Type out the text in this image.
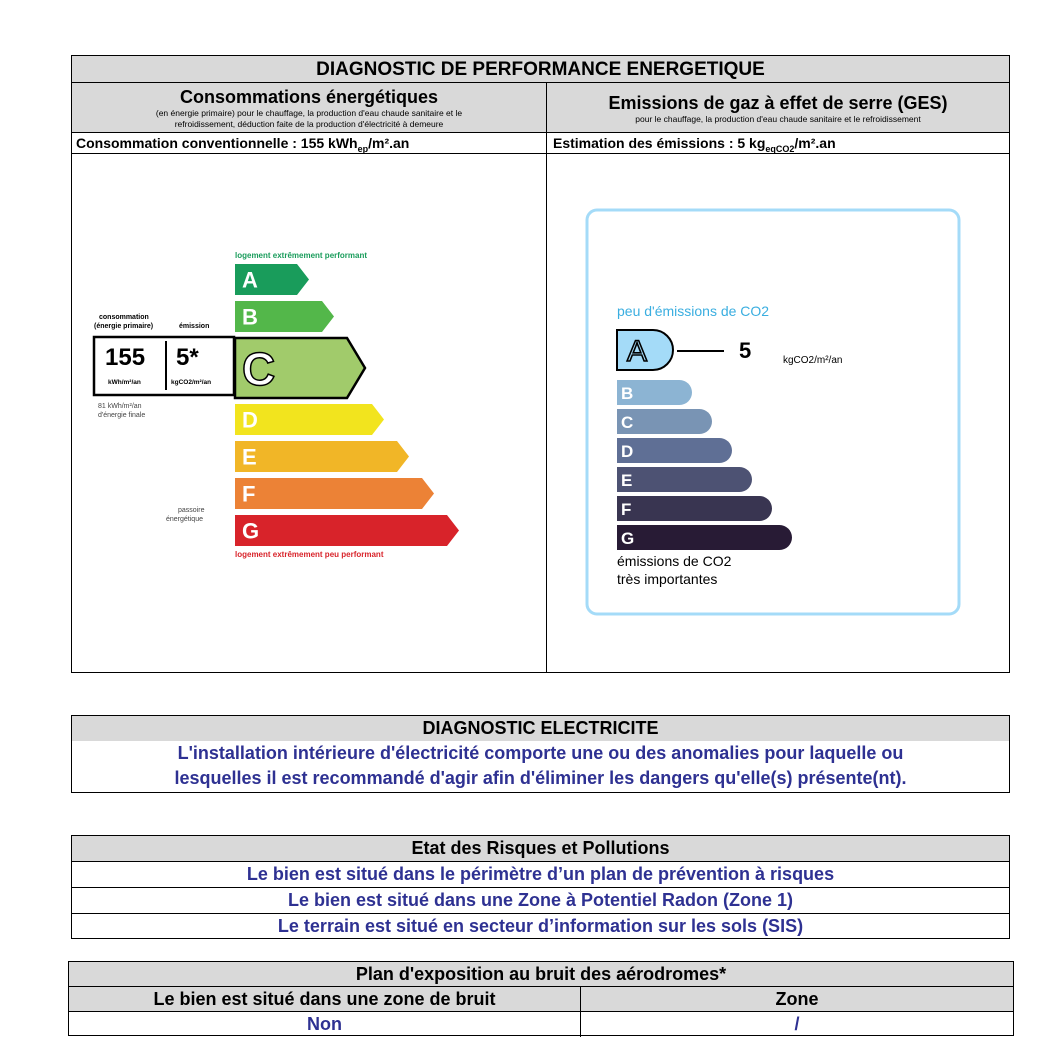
DIAGNOSTIC DE PERFORMANCE ENERGETIQUE
Consommations énergétiques
(en énergie primaire) pour le chauffage, la production d'eau chaude sanitaire et le
refroidissement, déduction faite de la production d'électricité à demeure
Emissions de gaz à effet de serre (GES)
pour le chauffage, la production d'eau chaude sanitaire et le refroidissement
Consommation conventionnelle : 155 kWh$_{ep}$/m².an	Estimation des émissions : 5 $kg_{eqCO2}/m^2.an$
logement extrêmement performant
A
B
C
D
E
F
G
consommation
(énergie primaire)	émission
155 5*
kWh/m²/an	kgCO2/m²/an
81 kWh/m²/an
d'énergie finale
passoire
énergétique
logement extrêmement peu performant
peu d'émissions de CO2
A
B
C
D
E
F
G
5	kgCO2/m²/an
émissions de CO2
très importantes
DIAGNOSTIC ELECTRICITE
L'installation intérieure d'électricité comporte une ou des anomalies pour laquelle ou
lesquelles il est recommandé d'agir afin d'éliminer les dangers qu'elle(s) présente(nt).
Etat des Risques et Pollutions
Le bien est situé dans le périmètre d’un plan de prévention à risques
Le bien est situé dans une Zone à Potentiel Radon (Zone 1)
Le terrain est situé en secteur d’information sur les sols (SIS)
Plan d'exposition au bruit des aérodromes*
Le bien est situé dans une zone de bruit	Zone
Non	/
